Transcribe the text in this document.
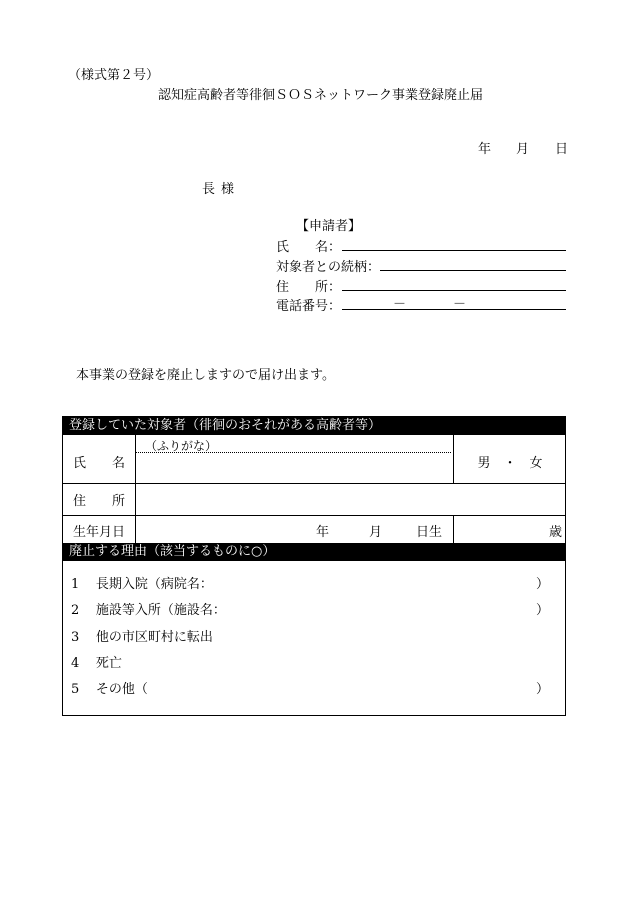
（様式第２号）
認知症高齢者等徘徊ＳＯＳネットワーク事業登録廃止届
年 月 日
長様
【申請者】
氏　　名：
対象者との続柄：
住　　所：
電話番号：	－	－
本事業の登録を廃止しますので届け出ます。
登録していた対象者（徘徊のおそれがある高齢者等）
（ふりがな）
氏　　名	男　・　女
住　　所
生年月日	年	月	日生	歳
廃止する理由（該当するものに○）
1 長期入院（病院名：	）
2 施設等入所（施設名：	）
3 他の市区町村に転出
4 死亡
5 その他（	）
